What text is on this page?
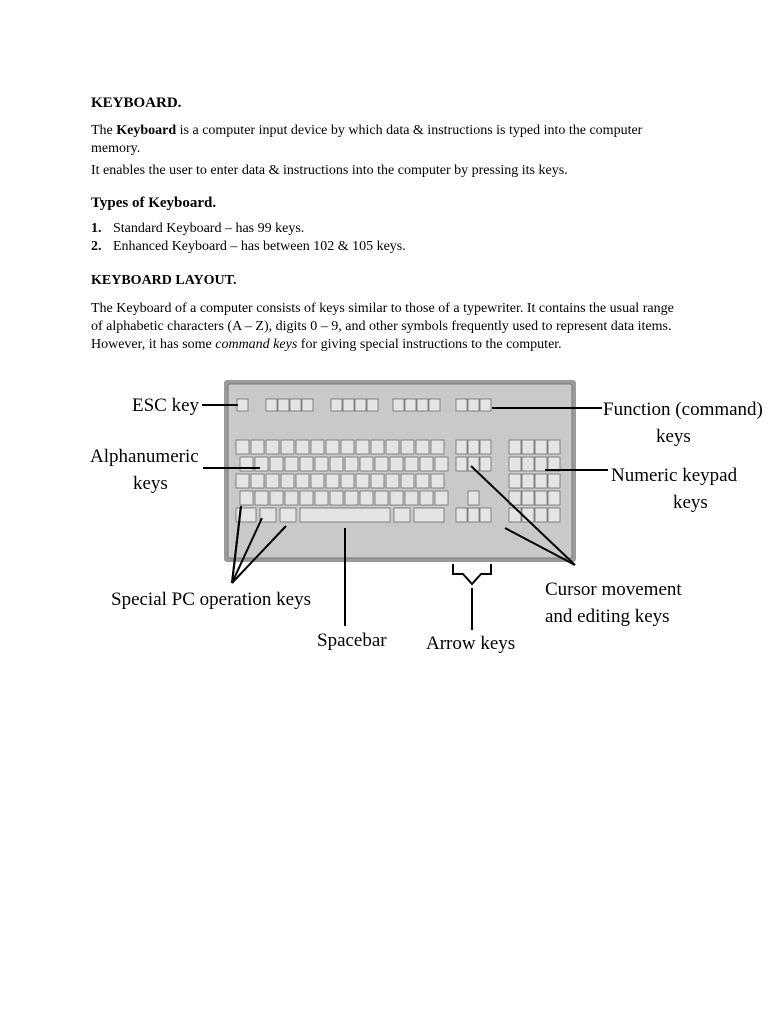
KEYBOARD.

The Keyboard is a computer input device by which data & instructions is typed into the computer memory.

It enables the user to enter data & instructions into the computer by pressing its keys.

Types of Keyboard.
1. Standard Keyboard – has 99 keys.
2. Enhanced Keyboard – has between 102 & 105 keys.
KEYBOARD LAYOUT.

The Keyboard of a computer consists of keys similar to those of a typewriter. It contains the usual range of alphabetic characters (A – Z), digits 0 – 9, and other symbols frequently used to represent data items. However, it has some command keys for giving special instructions to the computer.

ESC key	Function (command)
keys
Alphanumeric
keys	Numeric keypad
keys
Special PC operation keys	Cursor movement
and editing keys
Spacebar Arrow keys
